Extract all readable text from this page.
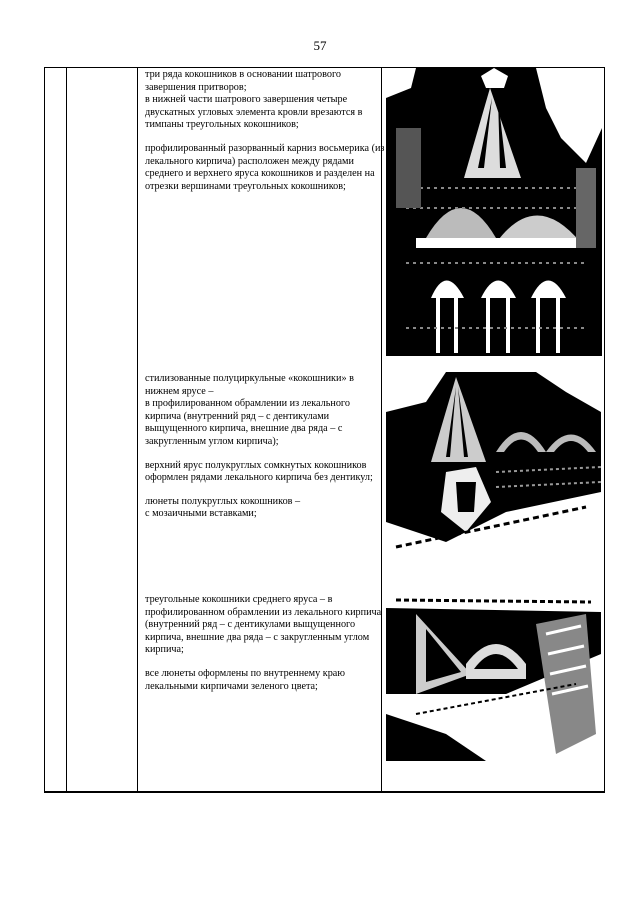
57

три ряда кокошников в основании шатрового завершения притворов;
в нижней части шатрового завершения четыре двускатных угловых элемента кровли врезаются в тимпаны треугольных кокошников;

профилированный разорванный карниз восьмерика (из лекального кирпича) расположен между рядами среднего и верхнего яруса кокошников и разделен на отрезки вершинами треугольных кокошников;

стилизованные полуциркульные «кокошники» в нижнем ярусе –
в профилированном обрамлении из лекального кирпича (внутренний ряд – с дентикулами выщущенного кирпича, внешние два ряда – с закругленным углом кирпича);

верхний ярус полукруглых сомкнутых кокошников оформлен рядами лекального кирпича без дентикул;

люнеты полукруглых кокошников –
с мозаичными вставками;

треугольные кокошники среднего яруса – в профилированном обрамлении из лекального кирпича (внутренний ряд – с дентикулами выщущенного кирпича, внешние два ряда – с закругленным углом кирпича;

все люнеты оформлены по внутреннему краю лекальными кирпичами зеленого цвета;
